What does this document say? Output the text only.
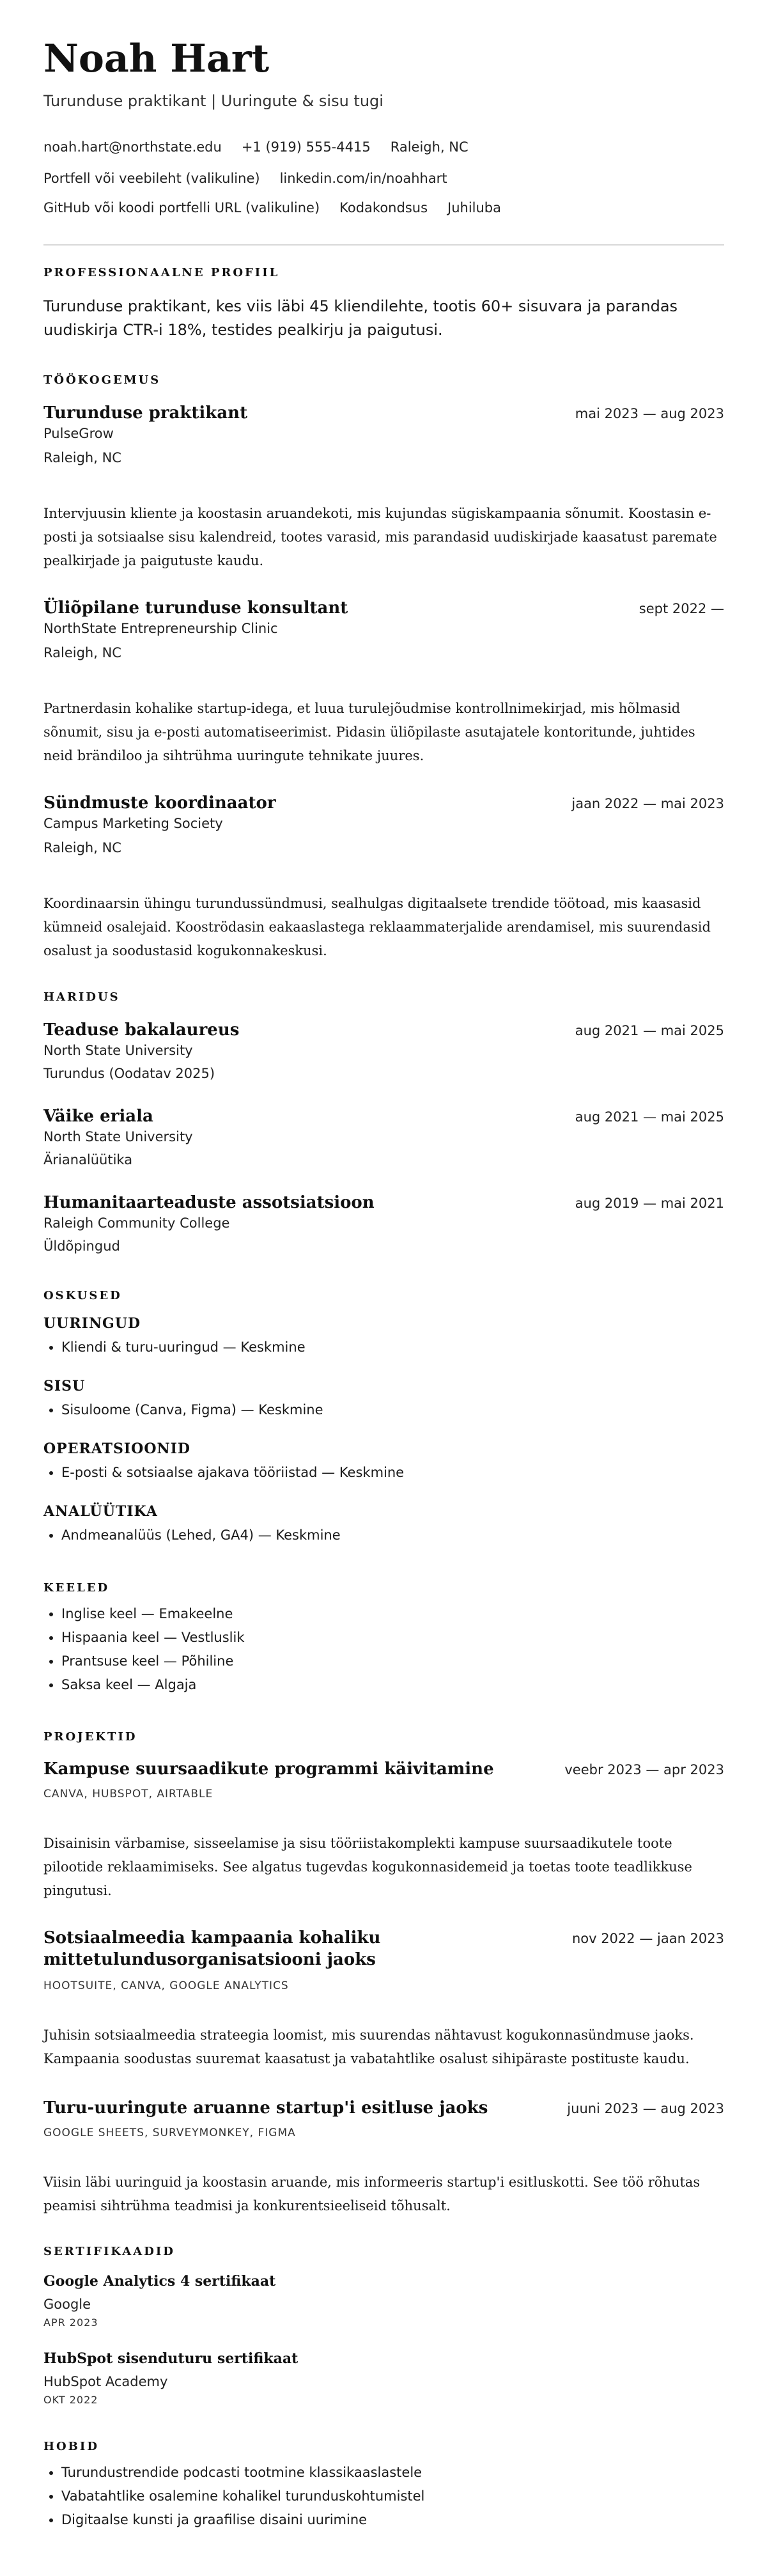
Noah Hart
Turunduse praktikant | Uuringute & sisu tugi
noah.hart@northstate.edu +1 (919) 555-4415 Raleigh, NC
Portfell või veebileht (valikuline) linkedin.com/in/noahhart
GitHub või koodi portfelli URL (valikuline) Kodakondsus Juhiluba
PROFESSIONAALNE PROFIIL
Turunduse praktikant, kes viis läbi 45 kliendilehte, tootis 60+ sisuvara ja parandas uudiskirja CTR-i 18%, testides pealkirju ja paigutusi.
TÖÖKOGEMUS
Turunduse praktikant	mai 2023 — aug 2023
PulseGrow
Raleigh, NC
Intervjuusin kliente ja koostasin aruandekoti, mis kujundas sügiskampaania sõnumit. Koostasin e-posti ja sotsiaalse sisu kalendreid, tootes varasid, mis parandasid uudiskirjade kaasatust paremate pealkirjade ja paigutuste kaudu.
Üliõpilane turunduse konsultant	sept 2022 —
NorthState Entrepreneurship Clinic
Raleigh, NC
Partnerdasin kohalike startup-idega, et luua turulejõudmise kontrollnimekirjad, mis hõlmasid sõnumit, sisu ja e-posti automatiseerimist. Pidasin üliõpilaste asutajatele kontoritunde, juhtides neid brändiloo ja sihtrühma uuringute tehnikate juures.
Sündmuste koordinaator	jaan 2022 — mai 2023
Campus Marketing Society
Raleigh, NC
Koordinaarsin ühingu turundussündmusi, sealhulgas digitaalsete trendide töötoad, mis kaasasid kümneid osalejaid. Kooströdasin eakaaslastega reklaammaterjalide arendamisel, mis suurendasid osalust ja soodustasid kogukonnakeskusi.
HARIDUS
Teaduse bakalaureus	aug 2021 — mai 2025
North State University
Turundus (Oodatav 2025)
Väike eriala	aug 2021 — mai 2025
North State University
Ärianalüütika
Humanitaarteaduste assotsiatsioon	aug 2019 — mai 2021
Raleigh Community College
Üldõpingud
OSKUSED
UURINGUD
• Kliendi & turu-uuringud — Keskmine
SISU
• Sisuloome (Canva, Figma) — Keskmine
OPERATSIOONID
• E-posti & sotsiaalse ajakava tööriistad — Keskmine
ANALÜÜTIKA
• Andmeanalüüs (Lehed, GA4) — Keskmine
KEELED
• Inglise keel — Emakeelne
• Hispaania keel — Vestluslik
• Prantsuse keel — Põhiline
• Saksa keel — Algaja
PROJEKTID
Kampuse suursaadikute programmi käivitamine	veebr 2023 — apr 2023
CANVA, HUBSPOT, AIRTABLE
Disainisin värbamise, sisseelamise ja sisu tööriistakomplekti kampuse suursaadikutele toote pilootide reklaamimiseks. See algatus tugevdas kogukonnasidemeid ja toetas toote teadlikkuse pingutusi.
Sotsiaalmeedia kampaania kohaliku mittetulundusorganisatsiooni jaoks
nov 2022 — jaan 2023
HOOTSUITE, CANVA, GOOGLE ANALYTICS
Juhisin sotsiaalmeedia strateegia loomist, mis suurendas nähtavust kogukonnasündmuse jaoks. Kampaania soodustas suuremat kaasatust ja vabatahtlike osalust sihipäraste postituste kaudu.
Turu-uuringute aruanne startup'i esitluse jaoks	juuni 2023 — aug 2023
GOOGLE SHEETS, SURVEYMONKEY, FIGMA
Viisin läbi uuringuid ja koostasin aruande, mis informeeris startup'i esitluskotti. See töö rõhutas peamisi sihtrühma teadmisi ja konkurentsieeliseid tõhusalt.
SERTIFIKAADID
Google Analytics 4 sertifikaat
Google
APR 2023
HubSpot sisenduturu sertifikaat
HubSpot Academy
OKT 2022
HOBID
• Turundustrendide podcasti tootmine klassikaaslastele
• Vabatahtlike osalemine kohalikel turunduskohtumistel
• Digitaalse kunsti ja graafilise disaini uurimine
